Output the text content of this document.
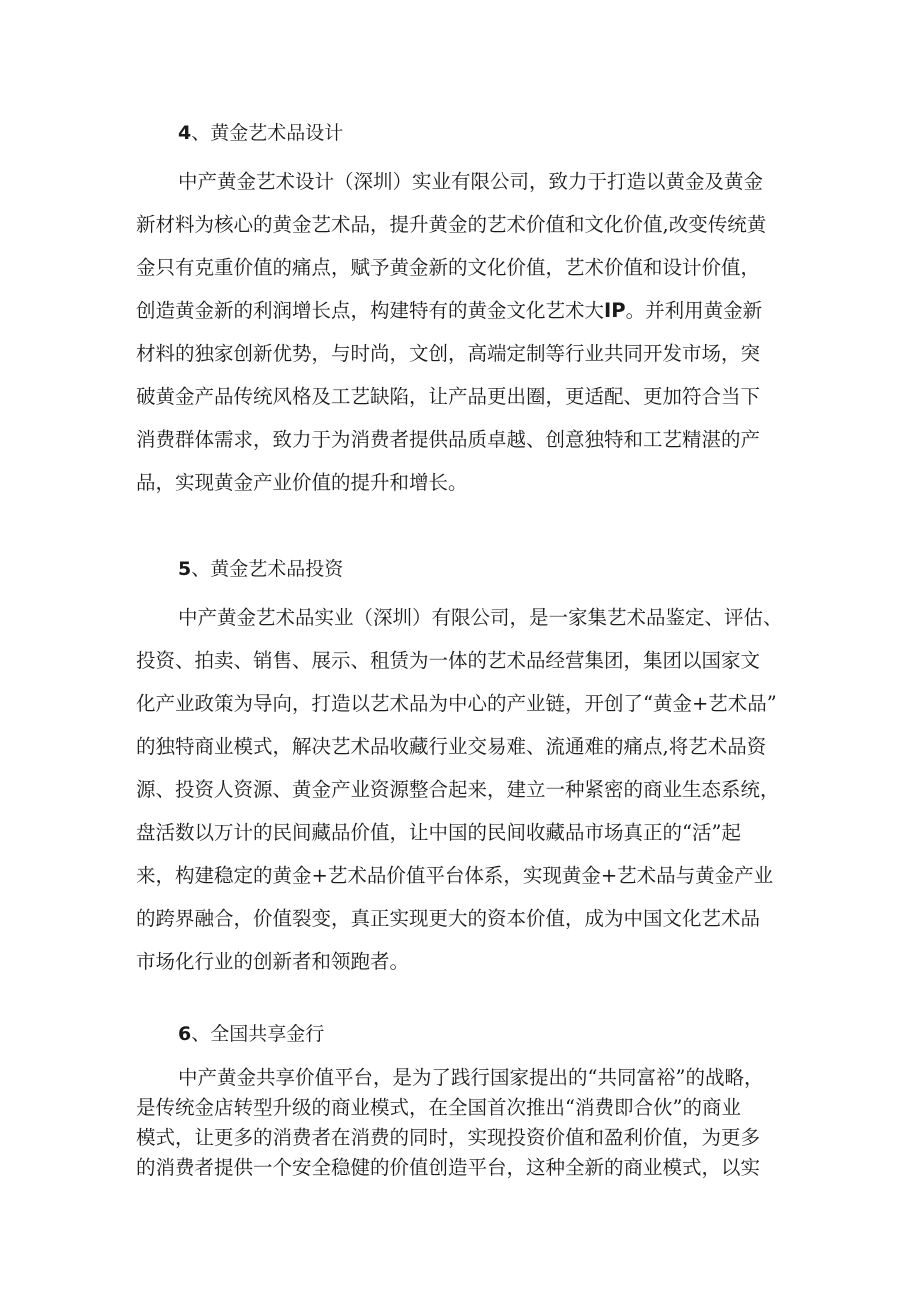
4、黄金艺术品设计
中产黄金艺术设计（深圳）实业有限公司，致力于打造以黄金及黄金
新材料为核心的黄金艺术品，提升黄金的艺术价值和文化价值,改变传统黄
金只有克重价值的痛点，赋予黄金新的文化价值，艺术价值和设计价值，
创造黄金新的利润增长点，构建特有的黄金文化艺术大IP。并利用黄金新
材料的独家创新优势，与时尚，文创，高端定制等行业共同开发市场，突
破黄金产品传统风格及工艺缺陷，让产品更出圈，更适配、更加符合当下
消费群体需求，致力于为消费者提供品质卓越、创意独特和工艺精湛的产
品，实现黄金产业价值的提升和增长。
5、黄金艺术品投资
中产黄金艺术品实业（深圳）有限公司，是一家集艺术品鉴定、评估、
投资、拍卖、销售、展示、租赁为一体的艺术品经营集团，集团以国家文
化产业政策为导向，打造以艺术品为中心的产业链，开创了“黄金+艺术品”
的独特商业模式，解决艺术品收藏行业交易难、流通难的痛点,将艺术品资
源、投资人资源、黄金产业资源整合起来，建立一种紧密的商业生态系统，
盘活数以万计的民间藏品价值，让中国的民间收藏品市场真正的“活”起
来，构建稳定的黄金+艺术品价值平台体系，实现黄金+艺术品与黄金产业
的跨界融合，价值裂变，真正实现更大的资本价值，成为中国文化艺术品
市场化行业的创新者和领跑者。
6、全国共享金行
中产黄金共享价值平台，是为了践行国家提出的“共同富裕”的战略，
是传统金店转型升级的商业模式，在全国首次推出“消费即合伙”的商业
模式，让更多的消费者在消费的同时，实现投资价值和盈利价值，为更多
的消费者提供一个安全稳健的价值创造平台，这种全新的商业模式，以实
